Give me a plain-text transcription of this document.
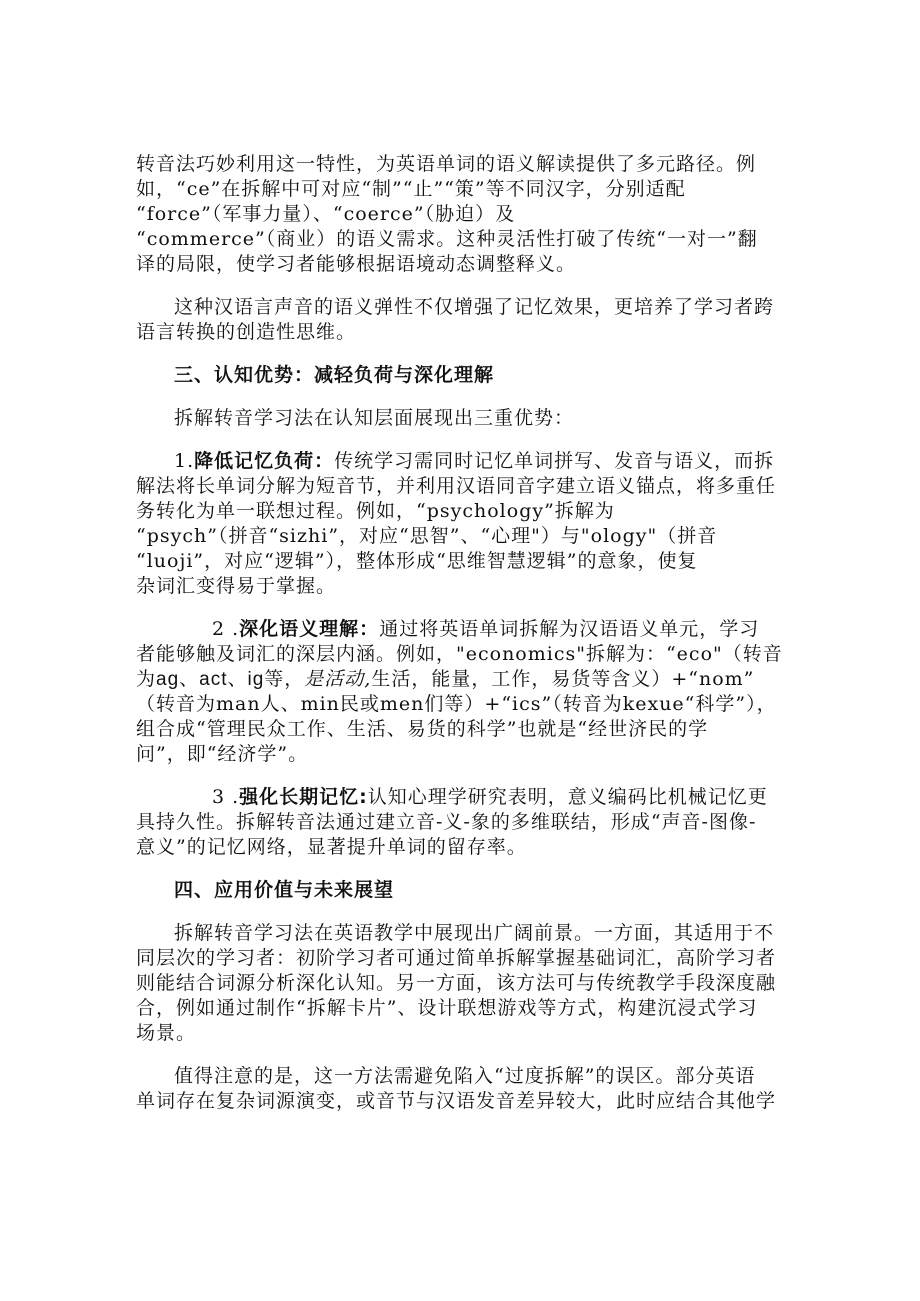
转音法巧妙利用这一特性，为英语单词的语义解读提供了多元路径。例
如，“ce”在拆解中可对应“制”“止”“策”等不同汉字，分别适配
“force”（军事力量）、“coerce”（胁迫）及
“commerce”（商业）的语义需求。这种灵活性打破了传统“一对一”翻
译的局限，使学习者能够根据语境动态调整释义。
这种汉语言声音的语义弹性不仅增强了记忆效果，更培养了学习者跨
语言转换的创造性思维。
三、认知优势：减轻负荷与深化理解
拆解转音学习法在认知层面展现出三重优势：
1.降低记忆负荷：传统学习需同时记忆单词拼写、发音与语义，而拆
解法将长单词分解为短音节，并利用汉语同音字建立语义锚点，将多重任
务转化为单一联想过程。例如，“psychology”拆解为
“psych”（拼音“sizhi”，对应“思智”、“心理"）与"ology"（拼音
“luoji”，对应“逻辑”），整体形成“思维智慧逻辑”的意象，使复
杂词汇变得易于掌握。
2 .深化语义理解：通过将英语单词拆解为汉语语义单元，学习
者能够触及词汇的深层内涵。例如，"economics"拆解为：“eco"（转音
为ag、act、ig等，是活动,生活，能量，工作，易货等含义）+“nom”
（转音为man人、min民或men们等）+“ics”（转音为kexue“科学”），
组合成“管理民众工作、生活、易货的科学”也就是“经世济民的学
问”，即“经济学”。
3 .强化长期记忆:认知心理学研究表明，意义编码比机械记忆更
具持久性。拆解转音法通过建立音-义-象的多维联结，形成“声音-图像-
意义”的记忆网络，显著提升单词的留存率。
四、应用价值与未来展望
拆解转音学习法在英语教学中展现出广阔前景。一方面，其适用于不
同层次的学习者：初阶学习者可通过简单拆解掌握基础词汇，高阶学习者
则能结合词源分析深化认知。另一方面，该方法可与传统教学手段深度融
合，例如通过制作“拆解卡片”、设计联想游戏等方式，构建沉浸式学习
场景。
值得注意的是，这一方法需避免陷入“过度拆解”的误区。部分英语
单词存在复杂词源演变，或音节与汉语发音差异较大，此时应结合其他学
